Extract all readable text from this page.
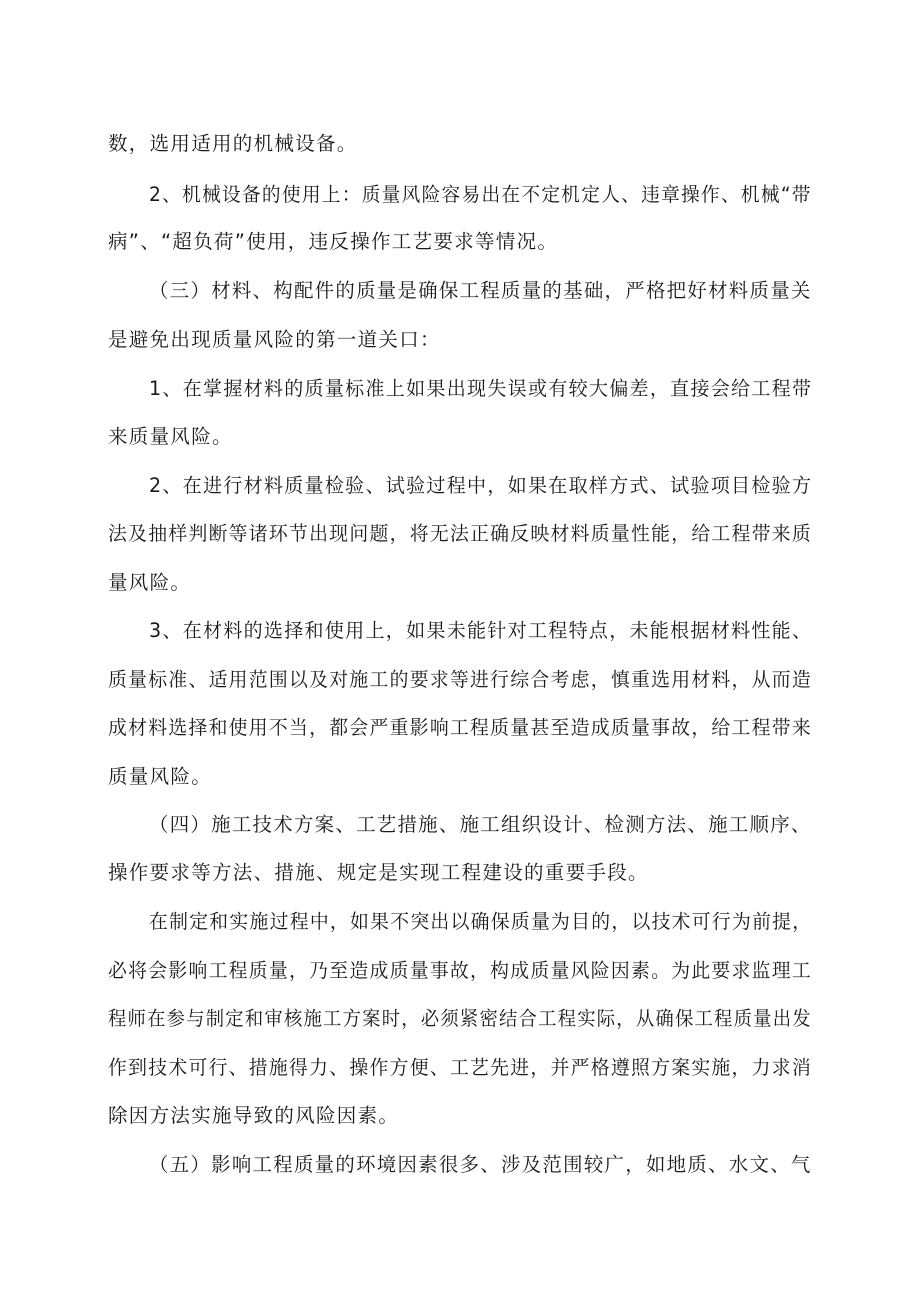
数，选用适用的机械设备。
2、机械设备的使用上：质量风险容易出在不定机定人、违章操作、机械“带
病”、“超负荷”使用，违反操作工艺要求等情况。
（三）材料、构配件的质量是确保工程质量的基础，严格把好材料质量关
是避免出现质量风险的第一道关口：
1、在掌握材料的质量标准上如果出现失误或有较大偏差，直接会给工程带
来质量风险。
2、在进行材料质量检验、试验过程中，如果在取样方式、试验项目检验方
法及抽样判断等诸环节出现问题，将无法正确反映材料质量性能，给工程带来质
量风险。
3、在材料的选择和使用上，如果未能针对工程特点，未能根据材料性能、
质量标准、适用范围以及对施工的要求等进行综合考虑，慎重选用材料，从而造
成材料选择和使用不当，都会严重影响工程质量甚至造成质量事故，给工程带来
质量风险。
（四）施工技术方案、工艺措施、施工组织设计、检测方法、施工顺序、
操作要求等方法、措施、规定是实现工程建设的重要手段。
在制定和实施过程中，如果不突出以确保质量为目的，以技术可行为前提，
必将会影响工程质量，乃至造成质量事故，构成质量风险因素。为此要求监理工
程师在参与制定和审核施工方案时，必须紧密结合工程实际，从确保工程质量出发
作到技术可行、措施得力、操作方便、工艺先进，并严格遵照方案实施，力求消
除因方法实施导致的风险因素。
（五）影响工程质量的环境因素很多、涉及范围较广，如地质、水文、气
